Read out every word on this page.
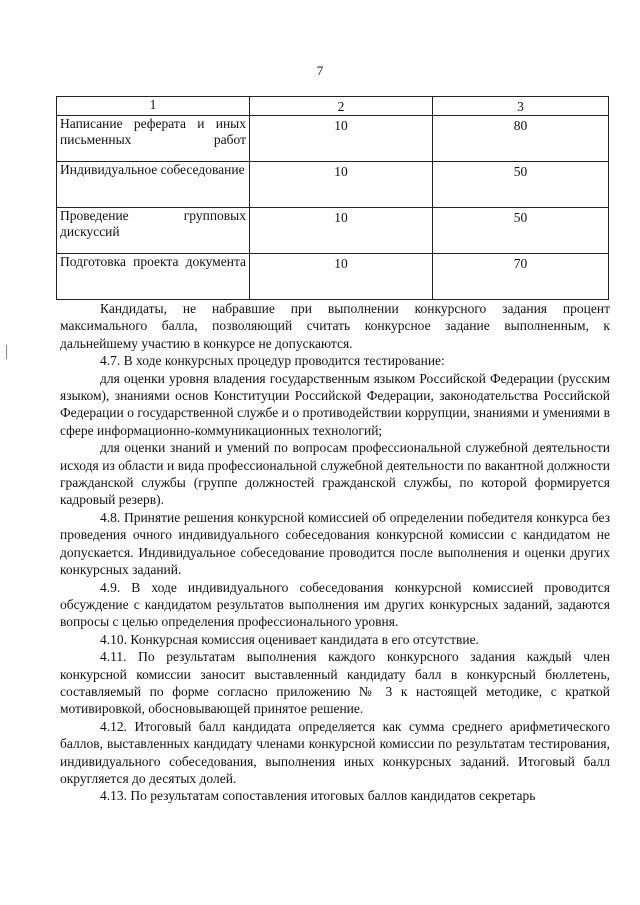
7
1	2	3

Написание реферата и иных письменных работ	10	80
Индивидуальное собеседование	10	50

Проведение групповых дискуссий	10	50

Подготовка проекта документа	10	70

Кандидаты, не набравшие при выполнении конкурсного задания процент максимального балла, позволяющий считать конкурсное задание выполненным, к дальнейшему участию в конкурсе не допускаются.

4.7. В ходе конкурсных процедур проводится тестирование:

для оценки уровня владения государственным языком Российской Федерации (русским языком), знаниями основ Конституции Российской Федерации, законодательства Российской Федерации о государственной службе и о противодействии коррупции, знаниями и умениями в сфере информационно-коммуникационных технологий;

для оценки знаний и умений по вопросам профессиональной служебной деятельности исходя из области и вида профессиональной служебной деятельности по вакантной должности гражданской службы (группе должностей гражданской службы, по которой формируется кадровый резерв).

4.8. Принятие решения конкурсной комиссией об определении победителя конкурса без проведения очного индивидуального собеседования конкурсной комиссии с кандидатом не допускается. Индивидуальное собеседование проводится после выполнения и оценки других конкурсных заданий.

4.9. В ходе индивидуального собеседования конкурсной комиссией проводится обсуждение с кандидатом результатов выполнения им других конкурсных заданий, задаются вопросы с целью определения профессионального уровня.

4.10. Конкурсная комиссия оценивает кандидата в его отсутствие.

4.11. По результатам выполнения каждого конкурсного задания каждый член конкурсной комиссии заносит выставленный кандидату балл в конкурсный бюллетень, составляемый по форме согласно приложению № 3 к настоящей методике, с краткой мотивировкой, обосновывающей принятое решение.

4.12. Итоговый балл кандидата определяется как сумма среднего арифметического баллов, выставленных кандидату членами конкурсной комиссии по результатам тестирования, индивидуального собеседования, выполнения иных конкурсных заданий. Итоговый балл округляется до десятых долей.

4.13. По результатам сопоставления итоговых баллов кандидатов секретарь
